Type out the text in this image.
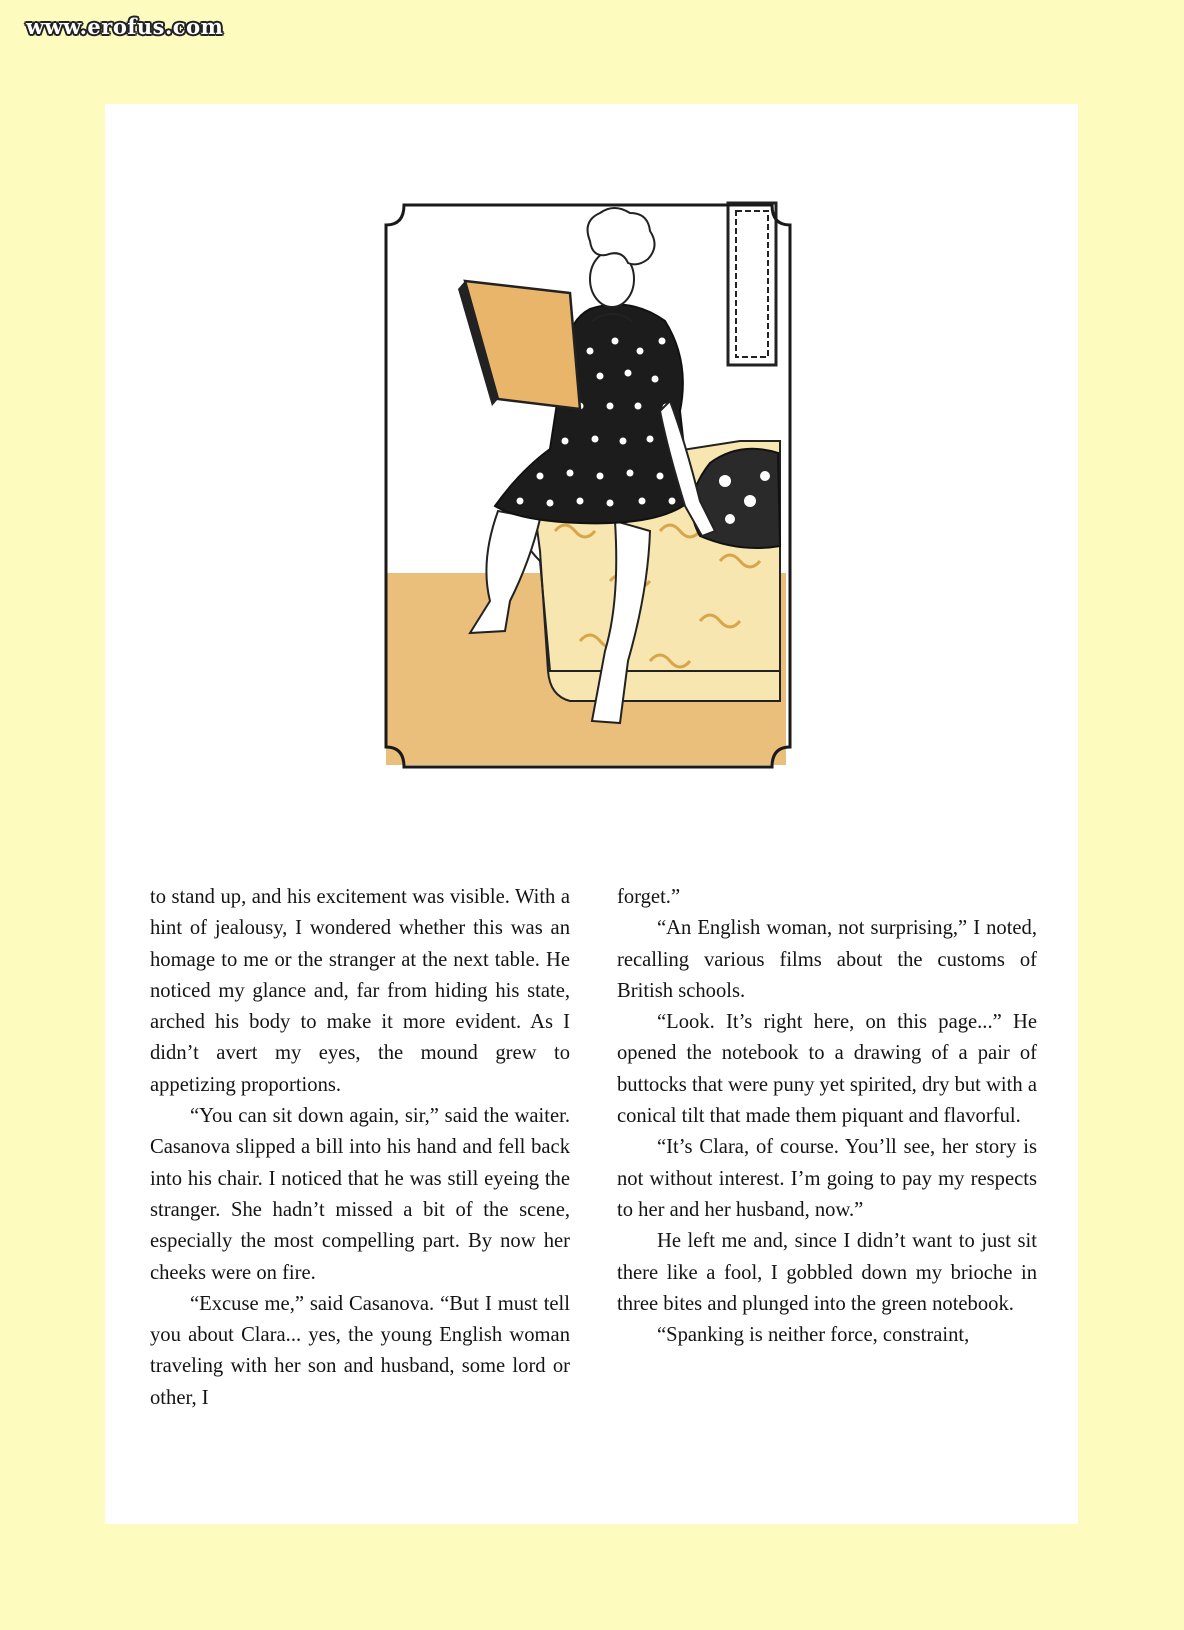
www.erofus.com

to stand up, and his excitement was visible. With a hint of jealousy, I wondered whether this was an homage to me or the stranger at the next table. He noticed my glance and, far from hiding his state, arched his body to make it more evident. As I didn’t avert my eyes, the mound grew to appetizing proportions.

“You can sit down again, sir,” said the waiter. Casanova slipped a bill into his hand and fell back into his chair. I noticed that he was still eyeing the stranger. She hadn’t missed a bit of the scene, especially the most compelling part. By now her cheeks were on fire.

“Excuse me,” said Casanova. “But I must tell you about Clara... yes, the young English woman traveling with her son and husband, some lord or other, I

forget.”

“An English woman, not surprising,” I noted, recalling various films about the customs of British schools.

“Look. It’s right here, on this page...” He opened the notebook to a drawing of a pair of buttocks that were puny yet spirited, dry but with a conical tilt that made them piquant and flavorful.

“It’s Clara, of course. You’ll see, her story is not without interest. I’m going to pay my respects to her and her husband, now.”

He left me and, since I didn’t want to just sit there like a fool, I gobbled down my brioche in three bites and plunged into the green notebook.

“Spanking is neither force, constraint,
